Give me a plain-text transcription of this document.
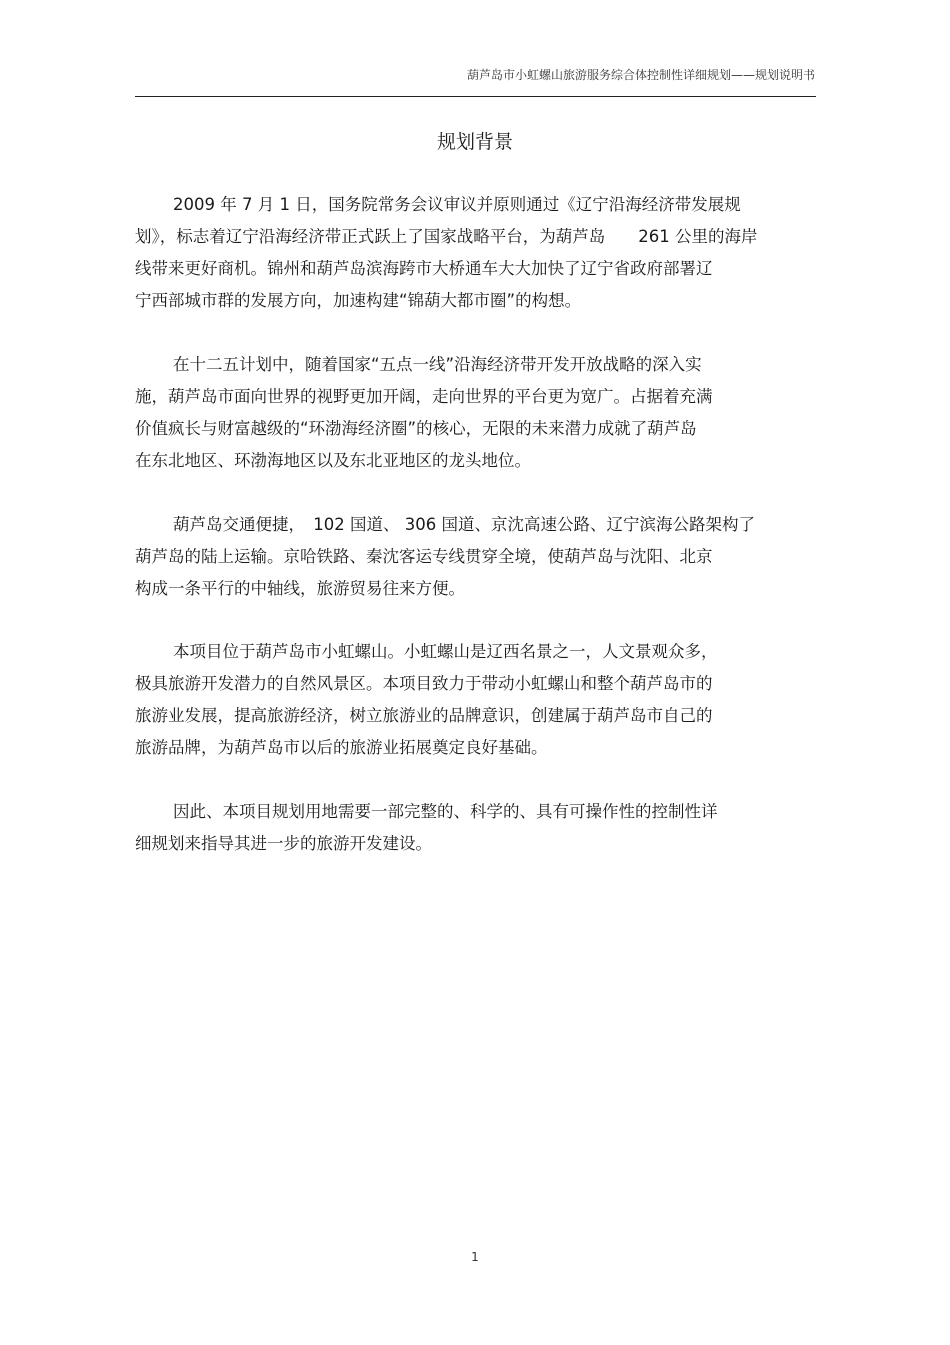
葫芦岛市小虹螺山旅游服务综合体控制性详细规划——规划说明书
规划背景

2009 年 7 月 1 日，国务院常务会议审议并原则通过《辽宁沿海经济带发展规
划》，标志着辽宁沿海经济带正式跃上了国家战略平台，为葫芦岛　　261 公里的海岸
线带来更好商机。锦州和葫芦岛滨海跨市大桥通车大大加快了辽宁省政府部署辽
宁西部城市群的发展方向，加速构建“锦葫大都市圈”的构想。

在十二五计划中，随着国家“五点一线”沿海经济带开发开放战略的深入实
施，葫芦岛市面向世界的视野更加开阔，走向世界的平台更为宽广。占据着充满
价值疯长与财富越级的“环渤海经济圈”的核心，无限的未来潜力成就了葫芦岛
在东北地区、环渤海地区以及东北亚地区的龙头地位。

葫芦岛交通便捷，　102 国道、 306 国道、京沈高速公路、辽宁滨海公路架构了
葫芦岛的陆上运输。京哈铁路、秦沈客运专线贯穿全境，使葫芦岛与沈阳、北京
构成一条平行的中轴线，旅游贸易往来方便。

本项目位于葫芦岛市小虹螺山。小虹螺山是辽西名景之一，人文景观众多，
极具旅游开发潜力的自然风景区。本项目致力于带动小虹螺山和整个葫芦岛市的
旅游业发展，提高旅游经济，树立旅游业的品牌意识，创建属于葫芦岛市自己的
旅游品牌，为葫芦岛市以后的旅游业拓展奠定良好基础。

因此、本项目规划用地需要一部完整的、科学的、具有可操作性的控制性详
细规划来指导其进一步的旅游开发建设。

1
